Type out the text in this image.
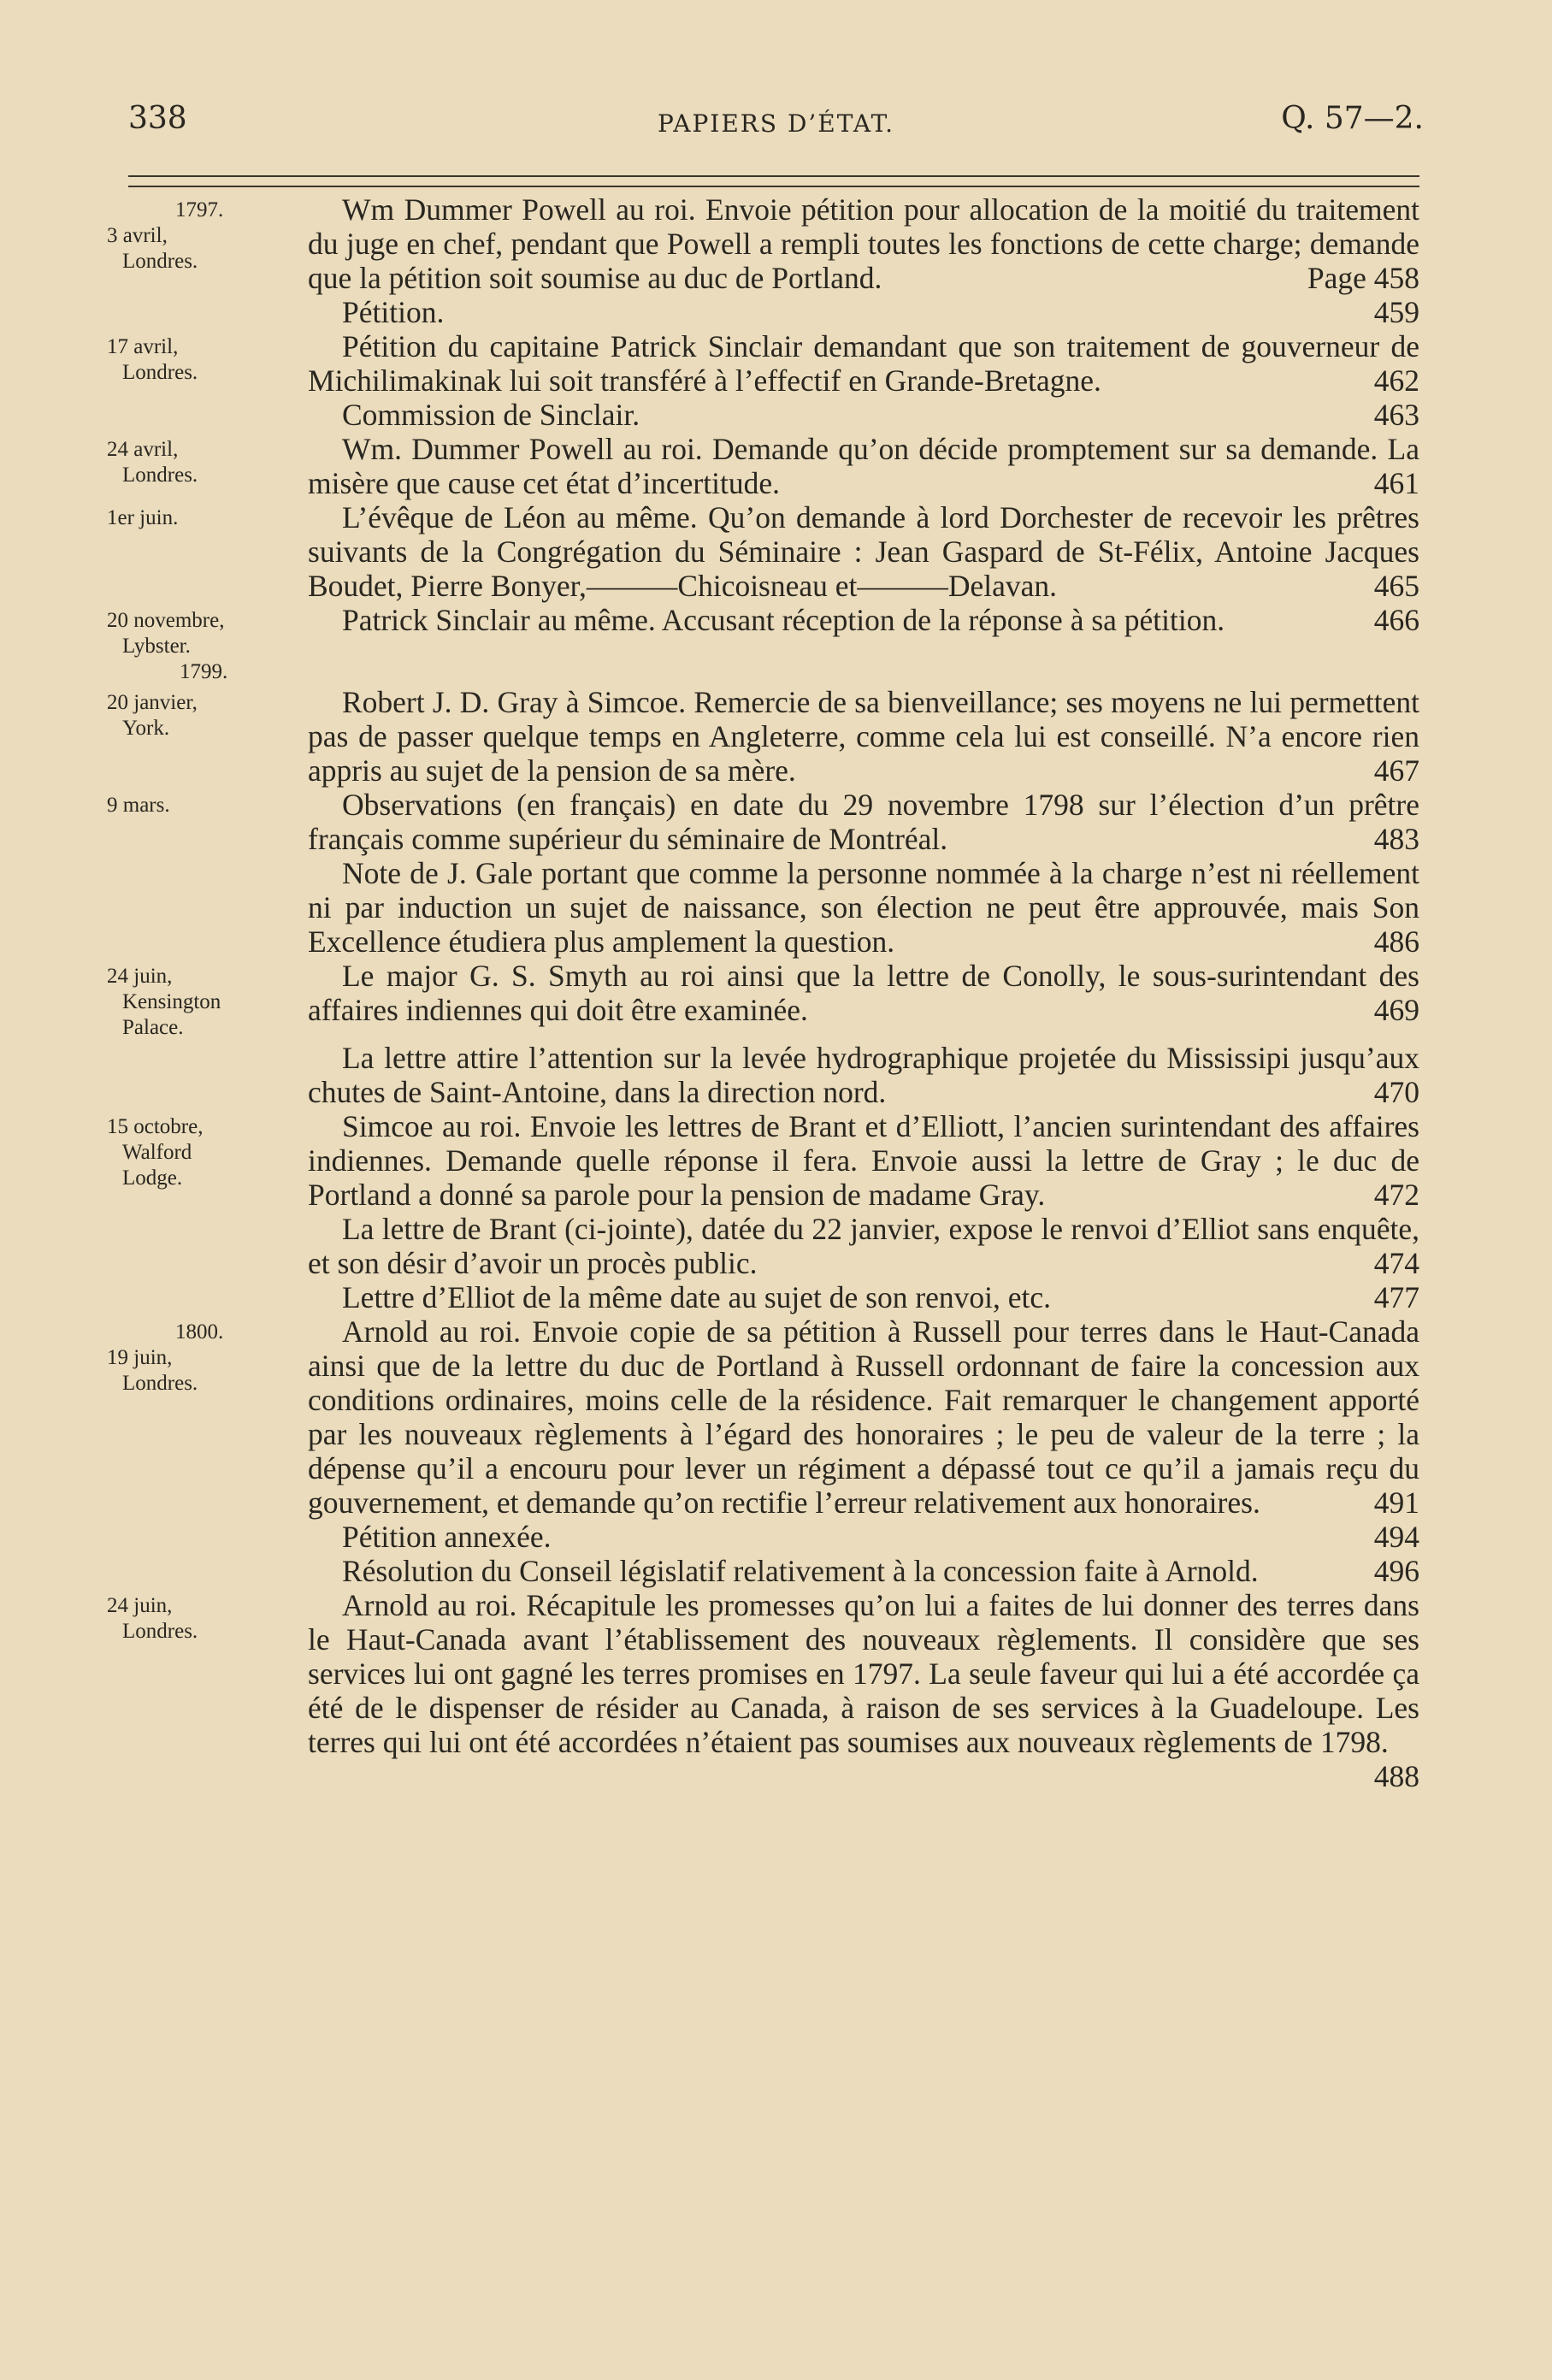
338	PAPIERS D’ÉTAT.	Q. 57—2.
1797.
3 avril,
Londres.
Wm Dummer Powell au roi. Envoie pétition pour allocation de la moitié du traitement du juge en chef, pendant que Powell a rempli toutes les fonctions de cette charge; demande que la pétition soit soumise au duc de Portland.	Page 458
Pétition.	459
17 avril,
Londres.
Pétition du capitaine Patrick Sinclair demandant que son traitement de gouverneur de Michilimakinak lui soit transféré à l’effectif en Grande-Bretagne.	462
Commission de Sinclair.	463
24 avril,
Londres.
Wm. Dummer Powell au roi. Demande qu’on décide promptement sur sa demande. La misère que cause cet état d’incertitude.	461
1er juin.	L’évêque de Léon au même. Qu’on demande à lord Dorchester de recevoir les prêtres suivants de la Congrégation du Séminaire : Jean Gaspard de St-Félix, Antoine Jacques Boudet, Pierre Bonyer,———Chicoisneau et———Delavan.	465
20 novembre,
Lybster.
1799.
Patrick Sinclair au même. Accusant réception de la réponse à sa pétition.	466
20 janvier,
York.
Robert J. D. Gray à Simcoe. Remercie de sa bienveillance; ses moyens ne lui permettent pas de passer quelque temps en Angleterre, comme cela lui est conseillé. N’a encore rien appris au sujet de la pension de sa mère.	467
9 mars.	Observations (en français) en date du 29 novembre 1798 sur l’élection d’un prêtre français comme supérieur du séminaire de Montréal.	483
Note de J. Gale portant que comme la personne nommée à la charge n’est ni réellement ni par induction un sujet de naissance, son élection ne peut être approuvée, mais Son Excellence étudiera plus amplement la question.	486
24 juin,
Kensington
Palace.
Le major G. S. Smyth au roi ainsi que la lettre de Conolly, le sous-surintendant des affaires indiennes qui doit être examinée.	469
La lettre attire l’attention sur la levée hydrographique projetée du Mississipi jusqu’aux chutes de Saint-Antoine, dans la direction nord.	470
15 octobre,
Walford
Lodge.
Simcoe au roi. Envoie les lettres de Brant et d’Elliott, l’ancien surintendant des affaires indiennes. Demande quelle réponse il fera. Envoie aussi la lettre de Gray ; le duc de Portland a donné sa parole pour la pension de madame Gray.	472
La lettre de Brant (ci-jointe), datée du 22 janvier, expose le renvoi d’Elliot sans enquête, et son désir d’avoir un procès public.	474
Lettre d’Elliot de la même date au sujet de son renvoi, etc.	477
1800.
19 juin,
Londres.
Arnold au roi. Envoie copie de sa pétition à Russell pour terres dans le Haut-Canada ainsi que de la lettre du duc de Portland à Russell ordonnant de faire la concession aux conditions ordinaires, moins celle de la résidence. Fait remarquer le changement apporté par les nouveaux règlements à l’égard des honoraires ; le peu de valeur de la terre ; la dépense qu’il a encouru pour lever un régiment a dépassé tout ce qu’il a jamais reçu du gouvernement, et demande qu’on rectifie l’erreur relativement aux honoraires.	491
Pétition annexée.	494
Résolution du Conseil législatif relativement à la concession faite à Arnold.	496
24 juin,
Londres.
Arnold au roi. Récapitule les promesses qu’on lui a faites de lui donner des terres dans le Haut-Canada avant l’établissement des nouveaux règlements. Il considère que ses services lui ont gagné les terres promises en 1797. La seule faveur qui lui a été accordée ça été de le dispenser de résider au Canada, à raison de ses services à la Guadeloupe. Les terres qui lui ont été accordées n’étaient pas soumises aux nouveaux règlements de 1798.
488
